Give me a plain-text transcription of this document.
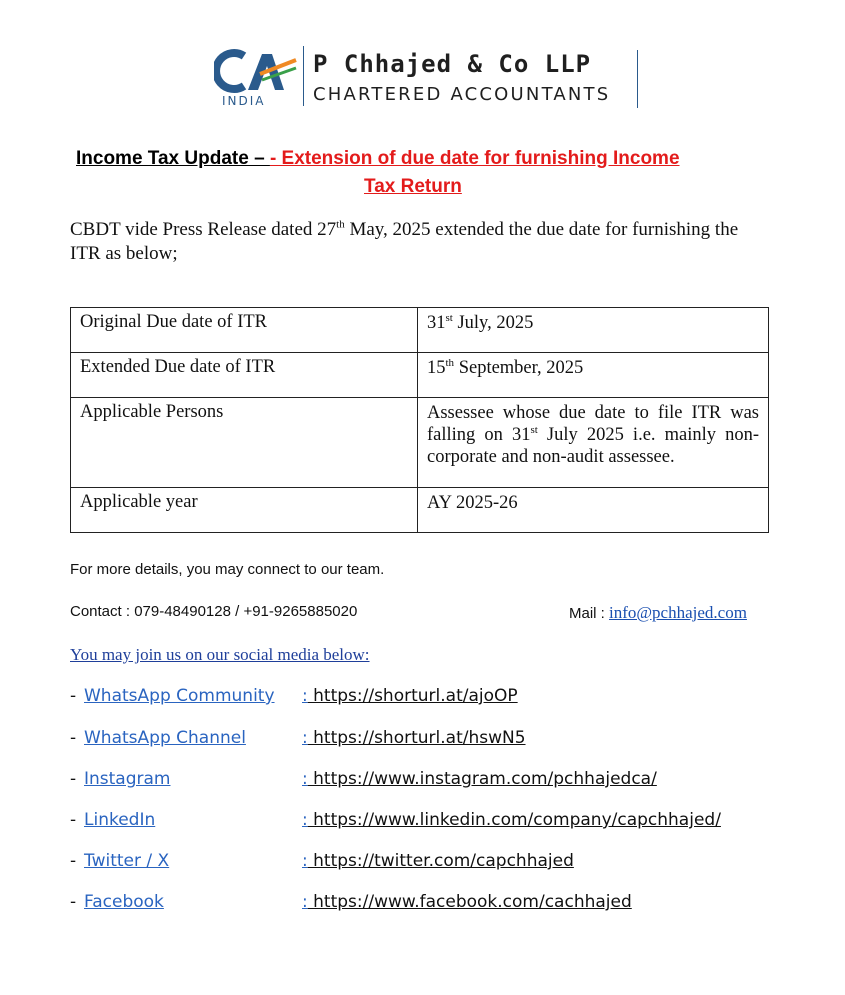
INDIA
P Chhajed & Co LLP
CHARTERED ACCOUNTANTS
Income Tax Update – - Extension of due date for furnishing Income
Tax Return
CBDT vide Press Release dated 27th May, 2025 extended the due date for furnishing the ITR as below;
Original Due date of ITR	31st July, 2025
Extended Due date of ITR	15th September, 2025
Applicable Persons	Assessee whose due date to file ITR was falling on 31st July 2025 i.e. mainly non-corporate and non-audit assessee.
Applicable year	AY 2025-26
For more details, you may connect to our team.
Contact : 079-48490128 / +91-9265885020	Mail : info@pchhajed.com
You may join us on our social media below:
- WhatsApp Community : https://shorturl.at/ajoOP
- WhatsApp Channel	: https://shorturl.at/hswN5
- Instagram	: https://www.instagram.com/pchhajedca/
- LinkedIn	: https://www.linkedin.com/company/capchhajed/
- Twitter / X	: https://twitter.com/capchhajed
- Facebook	: https://www.facebook.com/cachhajed
